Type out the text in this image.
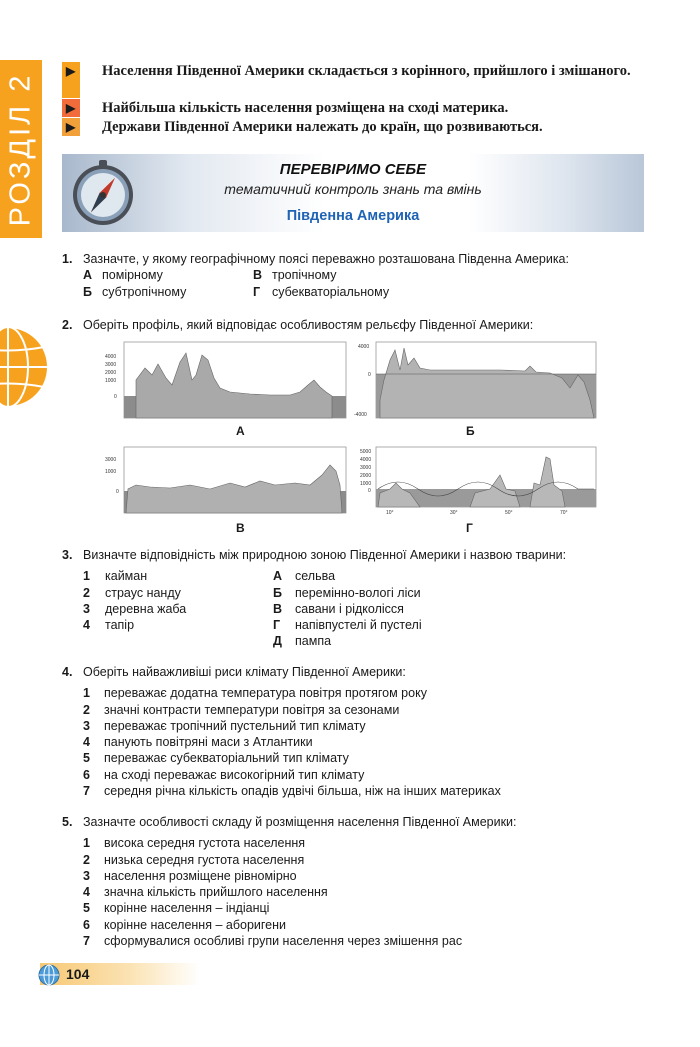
РОЗДІЛ 2
▶	Населення Південної Америки складається з корінного, прийшлого і змішаного.
▶	Найбільша кількість населення розміщена на сході материка.
▶	Держави Південної Америки належать до країн, що розвиваються.
ПЕРЕВІРИМО СЕБЕ
тематичний контроль знань та вмінь
Південна Америка
1. Зазначте, у якому географічному поясі переважно розташована Південна Америка:
А помірному	В тропічному
Б субтропічному	Г субекваторіальному
2. Оберіть профіль, який відповідає особливостям рельєфу Південної Америки:
4000
3000
2000
1000
0
А
4000
0
-4000
Б
3000
1000
0
В
5000
4000
3000
2000
1000
0
10°	30°	50°	70°
Г
3. Визначте відповідність між природною зоною Південної Америки і назвою тварини:
1	кайман	А	сельва
2	страус нанду	Б	перемінно-вологі ліси
3	деревна жаба	В	савани і рідколісся
4	тапір	Г	напівпустелі й пустелі
Д	пампа
4. Оберіть найважливіші риси клімату Південної Америки:
1	переважає додатна температура повітря протягом року
2	значні контрасти температури повітря за сезонами
3	переважає тропічний пустельний тип клімату
4	панують повітряні маси з Атлантики
5	переважає субекваторіальний тип клімату
6	на сході переважає високогірний тип клімату
7	середня річна кількість опадів удвічі більша, ніж на інших материках
5. Зазначте особливості складу й розміщення населення Південної Америки:
1	висока середня густота населення
2	низька середня густота населення
3	населення розміщене рівномірно
4	значна кількість прийшлого населення
5	корінне населення – індіанці
6	корінне населення – аборигени
7	сформувалися особливі групи населення через змішення рас
104
